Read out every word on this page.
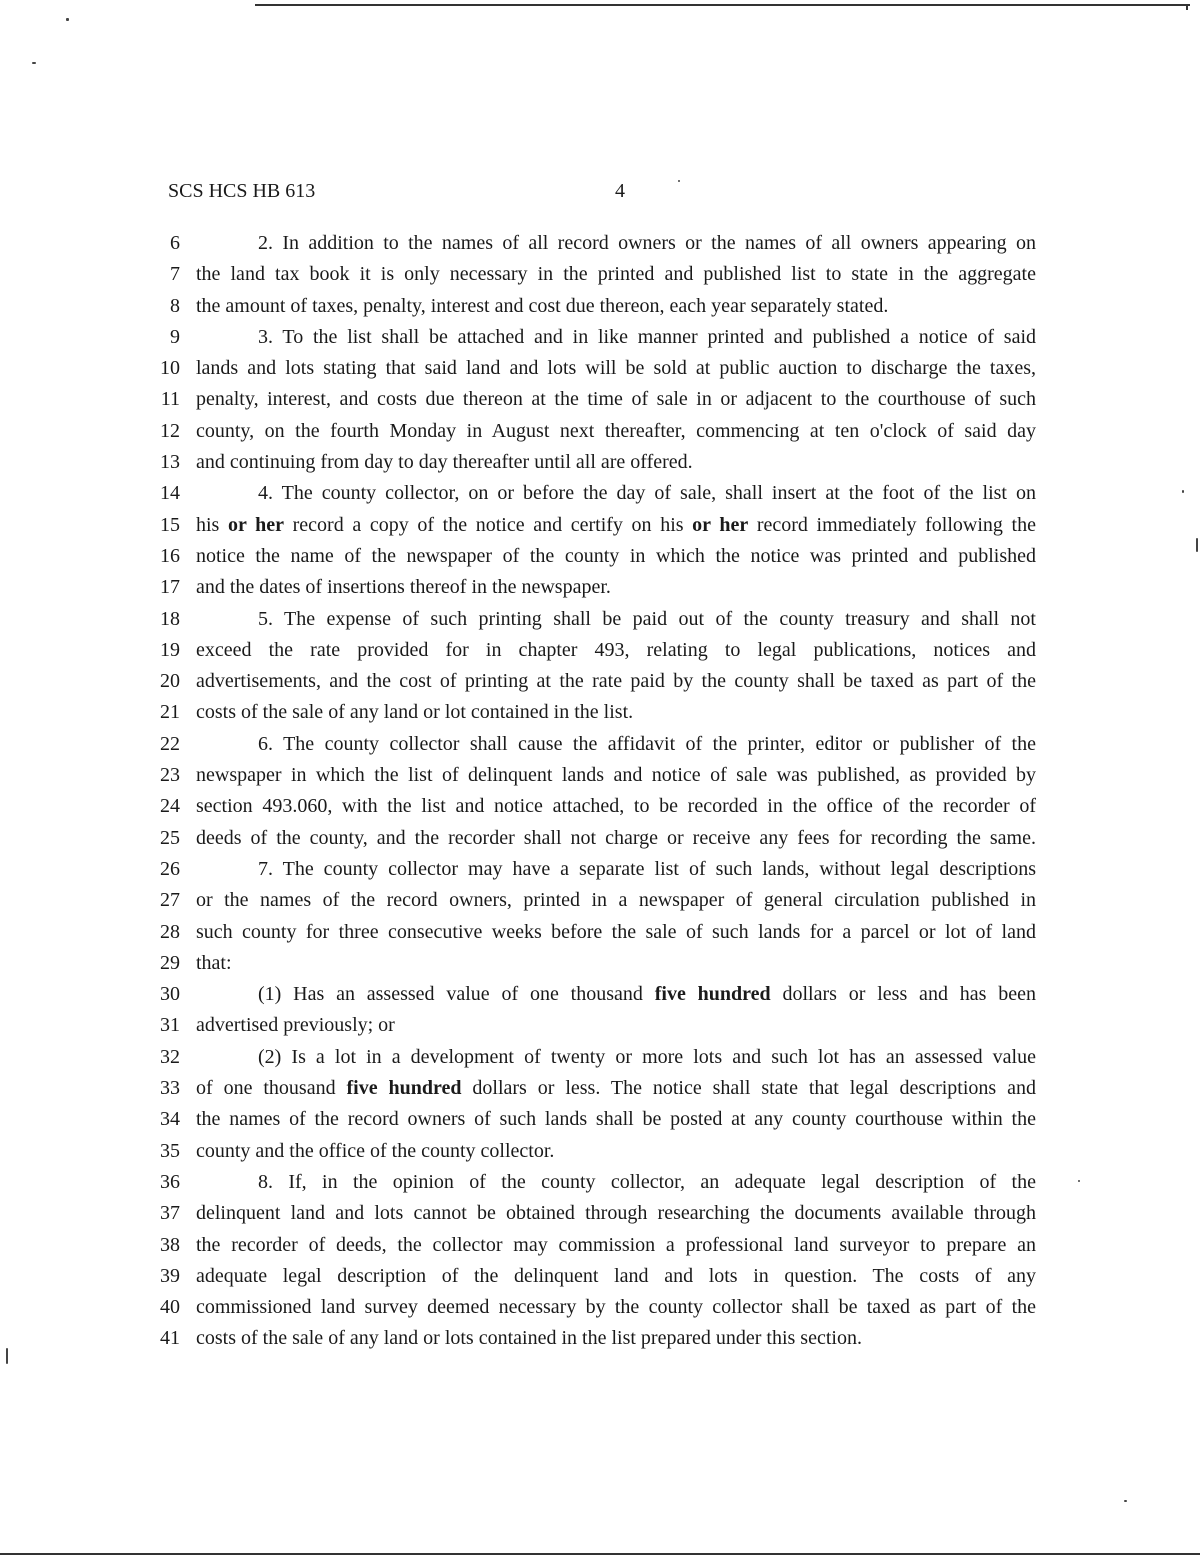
SCS HCS HB 613	4
6	2. In addition to the names of all record owners or the names of all owners appearing on
7 the land tax book it is only necessary in the printed and published list to state in the aggregate
8 the amount of taxes, penalty, interest and cost due thereon, each year separately stated.
9	3. To the list shall be attached and in like manner printed and published a notice of said
10 lands and lots stating that said land and lots will be sold at public auction to discharge the taxes,
11 penalty, interest, and costs due thereon at the time of sale in or adjacent to the courthouse of such
12 county, on the fourth Monday in August next thereafter, commencing at ten o'clock of said day
13 and continuing from day to day thereafter until all are offered.
14	4. The county collector, on or before the day of sale, shall insert at the foot of the list on
15 his or her record a copy of the notice and certify on his or her record immediately following the
16 notice the name of the newspaper of the county in which the notice was printed and published
17 and the dates of insertions thereof in the newspaper.
18	5. The expense of such printing shall be paid out of the county treasury and shall not
19 exceed the rate provided for in chapter 493, relating to legal publications, notices and
20 advertisements, and the cost of printing at the rate paid by the county shall be taxed as part of the
21 costs of the sale of any land or lot contained in the list.
22	6. The county collector shall cause the affidavit of the printer, editor or publisher of the
23 newspaper in which the list of delinquent lands and notice of sale was published, as provided by
24 section 493.060, with the list and notice attached, to be recorded in the office of the recorder of
25 deeds of the county, and the recorder shall not charge or receive any fees for recording the same.
26	7. The county collector may have a separate list of such lands, without legal descriptions
27 or the names of the record owners, printed in a newspaper of general circulation published in
28 such county for three consecutive weeks before the sale of such lands for a parcel or lot of land
29 that:
30	(1) Has an assessed value of one thousand five hundred dollars or less and has been
31 advertised previously; or
32	(2) Is a lot in a development of twenty or more lots and such lot has an assessed value
33 of one thousand five hundred dollars or less. The notice shall state that legal descriptions and
34 the names of the record owners of such lands shall be posted at any county courthouse within the
35 county and the office of the county collector.
36	8. If, in the opinion of the county collector, an adequate legal description of the
37 delinquent land and lots cannot be obtained through researching the documents available through
38 the recorder of deeds, the collector may commission a professional land surveyor to prepare an
39 adequate legal description of the delinquent land and lots in question. The costs of any
40 commissioned land survey deemed necessary by the county collector shall be taxed as part of the
41 costs of the sale of any land or lots contained in the list prepared under this section.
